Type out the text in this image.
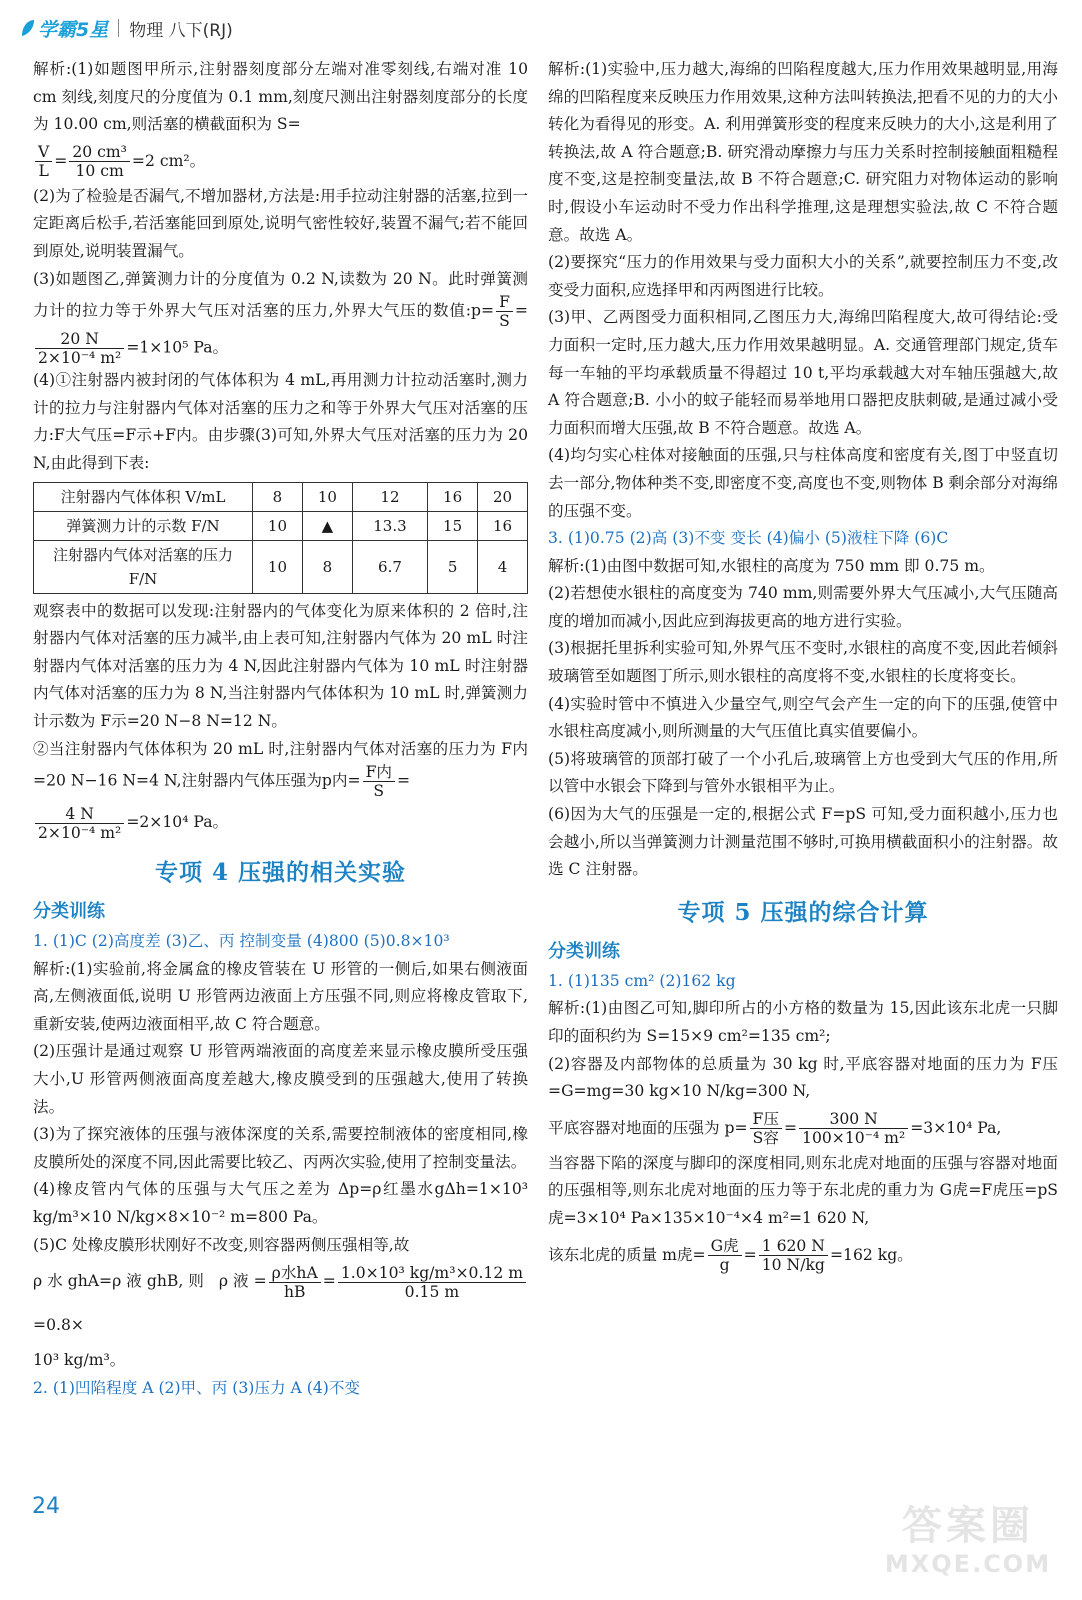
学霸5星 物理 八下(RJ)

解析:(1)如题图甲所示,注射器刻度部分左端对准零刻线,右端对准 10 cm 刻线,刻度尺的分度值为 0.1 mm,刻度尺测出注射器刻度部分的长度为 10.00 cm,则活塞的横截面积为 S=

$\frac{V}{L} = \frac{\text{20 cm³}}{10 cm} =2$ cm²。

(2)为了检验是否漏气,不增加器材,方法是:用手拉动注射器的活塞,拉到一定距离后松手,若活塞能回到原处,说明气密性较好,装置不漏气;若不能回到原处,说明装置漏气。

(3)如题图乙,弹簧测力计的分度值为 0.2 N,读数为 20 N。此时弹簧测力计的拉力等于外界大气压对活塞的压力,外界大气压的数值:p= $\frac{F}{S}$ =
$\frac{20 N}{\text{2×10⁻⁴ m²}} =1\times 10^5$ Pa。

(4)①注射器内被封闭的气体体积为 4 mL,再用测力计拉动活塞时,测力计的拉力与注射器内气体对活塞的压力之和等于外界大气压对活塞的压力:F大气压=F示+F内。由步骤(3)可知,外界大气压对活塞的压力为 20 N,由此得到下表:

注射器内气体体积 V/mL	8	10	12	16	20
弹簧测力计的示数 F/N	10	▲	13.3	15	16
注射器内气体对活塞的压力 F/N	10	8	6.7	5	4

观察表中的数据可以发现:注射器内的气体变化为原来体积的 2 倍时,注射器内气体对活塞的压力减半,由上表可知,注射器内气体为 20 mL 时注射器内气体对活塞的压力为 4 N,因此注射器内气体为 10 mL 时注射器内气体对活塞的压力为 8 N,当注射器内气体体积为 10 mL 时,弹簧测力计示数为 F示=20 N−8 N=12 N。

②当注射器内气体体积为 20 mL 时,注射器内气体对活塞的压力为 F内=20 N−16 N=4 N,注射器内气体压强为p内= $\frac{\text{F内}}{S}$ =

$\frac{4 N}{\text{2×10⁻⁴ m²}} =2\times 10^4$ Pa。

专项 4 压强的相关实验
分类训练

1. (1)C (2)高度差 (3)乙、丙 控制变量 (4)800 (5)0.8×10³

解析:(1)实验前,将金属盒的橡皮管装在 U 形管的一侧后,如果右侧液面高,左侧液面低,说明 U 形管两边液面上方压强不同,则应将橡皮管取下,重新安装,使两边液面相平,故 C 符合题意。

(2)压强计是通过观察 U 形管两端液面的高度差来显示橡皮膜所受压强大小,U 形管两侧液面高度差越大,橡皮膜受到的压强越大,使用了转换法。

(3)为了探究液体的压强与液体深度的关系,需要控制液体的密度相同,橡皮膜所处的深度不同,因此需要比较乙、丙两次实验,使用了控制变量法。

(4)橡皮管内气体的压强与大气压之差为 Δp=ρ红墨水gΔh=1×10³ kg/m³×10 N/kg×8×10⁻² m=800 Pa。

(5)C 处橡皮膜形状刚好不改变,则容器两侧压强相等,故

ρ水ghA=ρ液ghB,则 ρ液= $\frac{\text{ρ水hA}}{hB} = \frac{\text{1.0×10³ kg/m³×0.12 m}}{0.15 m}$
=0.8×

10³ kg/m³。

2. (1)凹陷程度 A (2)甲、丙 (3)压力 A (4)不变

解析:(1)实验中,压力越大,海绵的凹陷程度越大,压力作用效果越明显,用海绵的凹陷程度来反映压力作用效果,这种方法叫转换法,把看不见的力的大小转化为看得见的形变。A. 利用弹簧形变的程度来反映力的大小,这是利用了转换法,故 A 符合题意;B. 研究滑动摩擦力与压力关系时控制接触面粗糙程度不变,这是控制变量法,故 B 不符合题意;C. 研究阻力对物体运动的影响时,假设小车运动时不受力作出科学推理,这是理想实验法,故 C 不符合题意。故选 A。

(2)要探究“压力的作用效果与受力面积大小的关系”,就要控制压力不变,改变受力面积,应选择甲和丙两图进行比较。

(3)甲、乙两图受力面积相同,乙图压力大,海绵凹陷程度大,故可得结论:受力面积一定时,压力越大,压力作用效果越明显。A. 交通管理部门规定,货车每一车轴的平均承载质量不得超过 10 t,平均承载越大对车轴压强越大,故 A 符合题意;B. 小小的蚊子能轻而易举地用口器把皮肤刺破,是通过减小受力面积而增大压强,故 B 不符合题意。故选 A。

(4)均匀实心柱体对接触面的压强,只与柱体高度和密度有关,图丁中竖直切去一部分,物体种类不变,即密度不变,高度也不变,则物体 B 剩余部分对海绵的压强不变。

3. (1)0.75 (2)高 (3)不变 变长 (4)偏小 (5)液柱下降 (6)C

解析:(1)由图中数据可知,水银柱的高度为 750 mm 即 0.75 m。

(2)若想使水银柱的高度变为 740 mm,则需要外界大气压减小,大气压随高度的增加而减小,因此应到海拔更高的地方进行实验。

(3)根据托里拆利实验可知,外界气压不变时,水银柱的高度不变,因此若倾斜玻璃管至如题图丁所示,则水银柱的高度将不变,水银柱的长度将变长。

(4)实验时管中不慎进入少量空气,则空气会产生一定的向下的压强,使管中水银柱高度减小,则所测量的大气压值比真实值要偏小。

(5)将玻璃管的顶部打破了一个小孔后,玻璃管上方也受到大气压的作用,所以管中水银会下降到与管外水银相平为止。

(6)因为大气的压强是一定的,根据公式 F=pS 可知,受力面积越小,压力也会越小,所以当弹簧测力计测量范围不够时,可换用横截面积小的注射器。故选 C 注射器。

专项 5 压强的综合计算
分类训练

1. (1)135 cm² (2)162 kg

解析:(1)由图乙可知,脚印所占的小方格的数量为 15,因此该东北虎一只脚印的面积约为 S=15×9 cm²=135 cm²;

(2)容器及内部物体的总质量为 30 kg 时,平底容器对地面的压力为 F压=G=mg=30 kg×10 N/kg=300 N,

平底容器对地面的压强为 $p= \frac{\text{F压}}{\text{S容}} = \frac{300 N}{\text{100×10⁻⁴ m²}} =3\times 10^4$ Pa,

当容器下陷的深度与脚印的深度相同,则东北虎对地面的压强与容器对地面的压强相等,则东北虎对地面的压力等于东北虎的重力为 G虎=F虎压=pS虎=3×10⁴ Pa×135×10⁻⁴×4 m²=1 620 N,

该东北虎的质量 m虎= $\frac{\text{G虎}}{g} = \frac{1 620 N}{10 N/kg} =162$ kg。

24	答案圈
MXQE.COM
